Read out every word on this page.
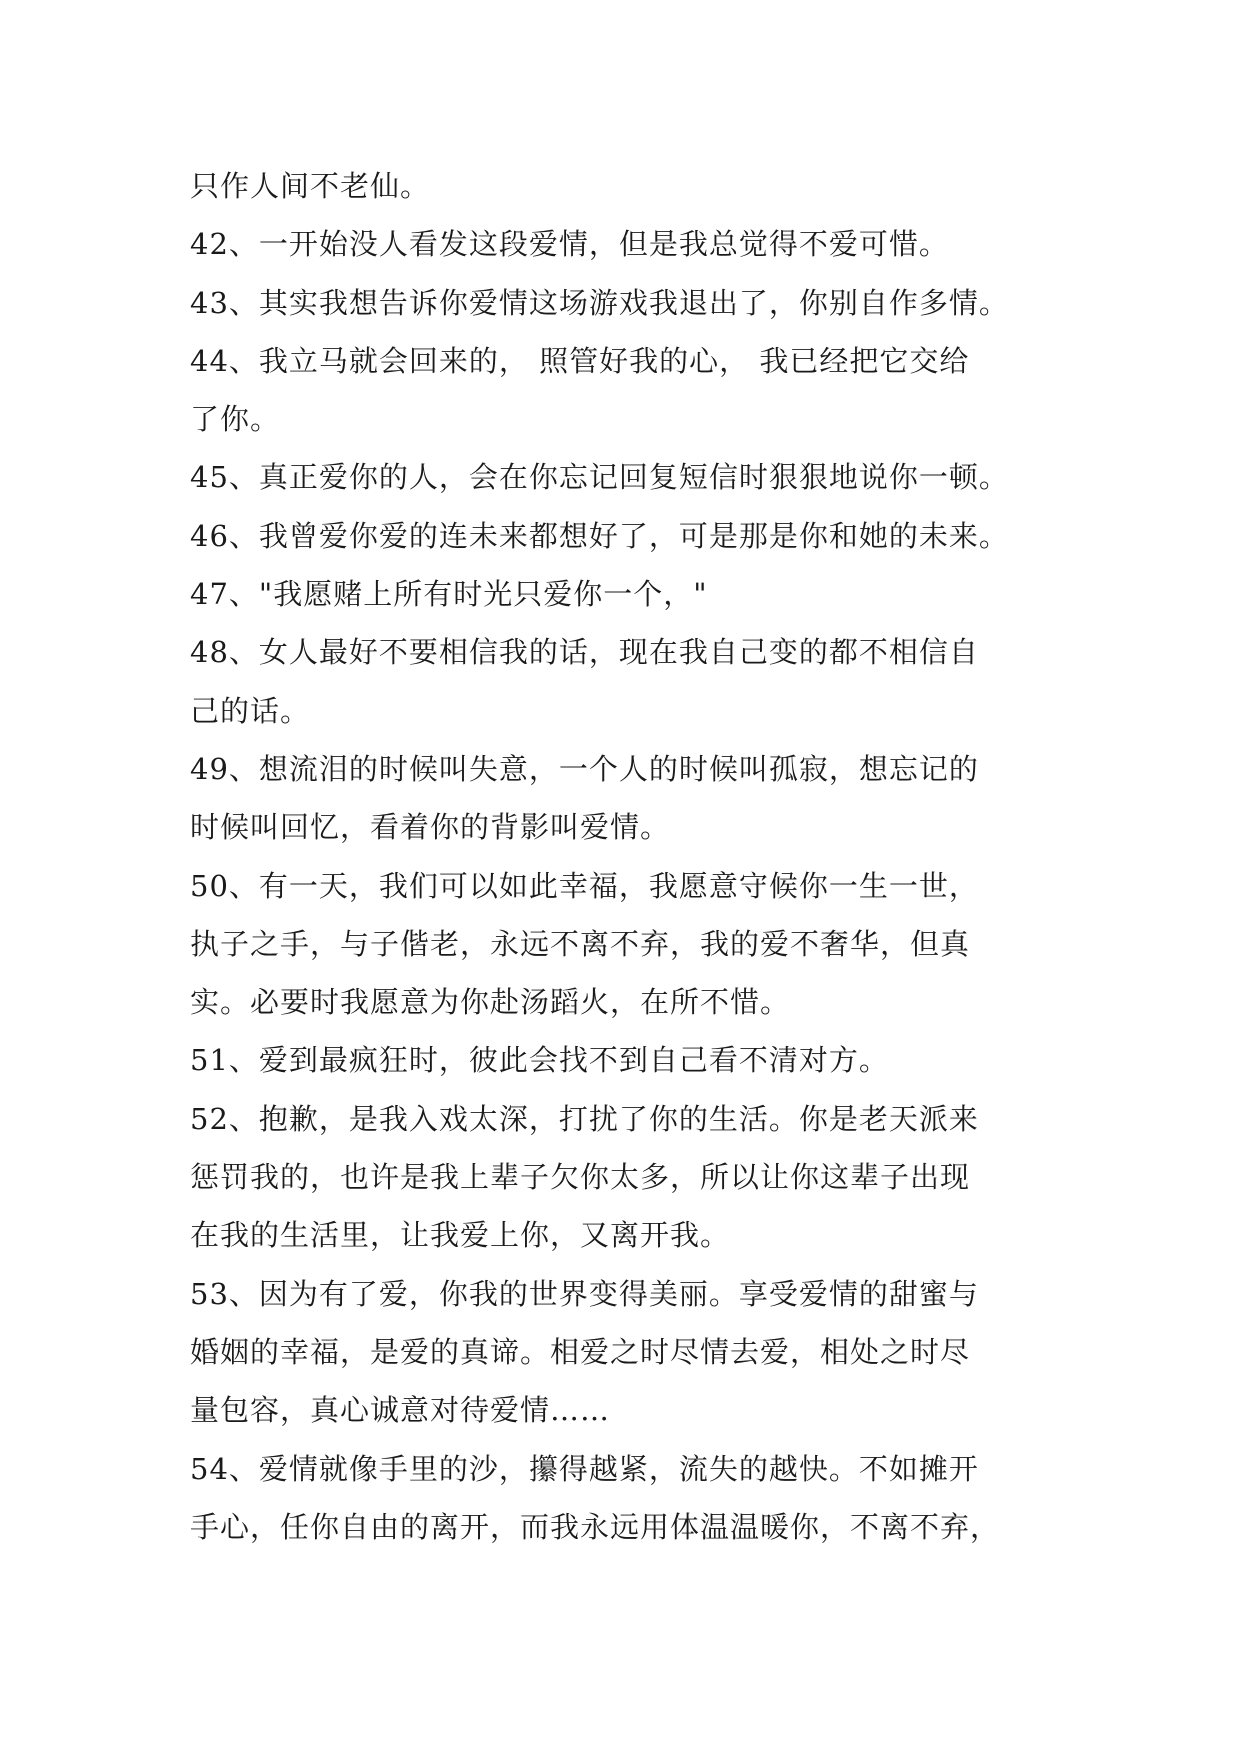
只作人间不老仙。
42、一开始没人看发这段爱情，但是我总觉得不爱可惜。
43、其实我想告诉你爱情这场游戏我退出了，你别自作多情。
44、我立马就会回来的， 照管好我的心， 我已经把它交给
了你。
45、真正爱你的人，会在你忘记回复短信时狠狠地说你一顿。
46、我曾爱你爱的连未来都想好了，可是那是你和她的未来。
47、"我愿赌上所有时光只爱你一个，"
48、女人最好不要相信我的话，现在我自己变的都不相信自
己的话。
49、想流泪的时候叫失意，一个人的时候叫孤寂，想忘记的
时候叫回忆，看着你的背影叫爱情。
50、有一天，我们可以如此幸福，我愿意守候你一生一世，
执子之手，与子偕老，永远不离不弃，我的爱不奢华，但真
实。必要时我愿意为你赴汤蹈火，在所不惜。
51、爱到最疯狂时，彼此会找不到自己看不清对方。
52、抱歉，是我入戏太深，打扰了你的生活。你是老天派来
惩罚我的，也许是我上辈子欠你太多，所以让你这辈子出现
在我的生活里，让我爱上你，又离开我。
53、因为有了爱，你我的世界变得美丽。享受爱情的甜蜜与
婚姻的幸福，是爱的真谛。相爱之时尽情去爱，相处之时尽
量包容，真心诚意对待爱情……
54、爱情就像手里的沙，攥得越紧，流失的越快。不如摊开
手心，任你自由的离开，而我永远用体温温暖你，不离不弃，
